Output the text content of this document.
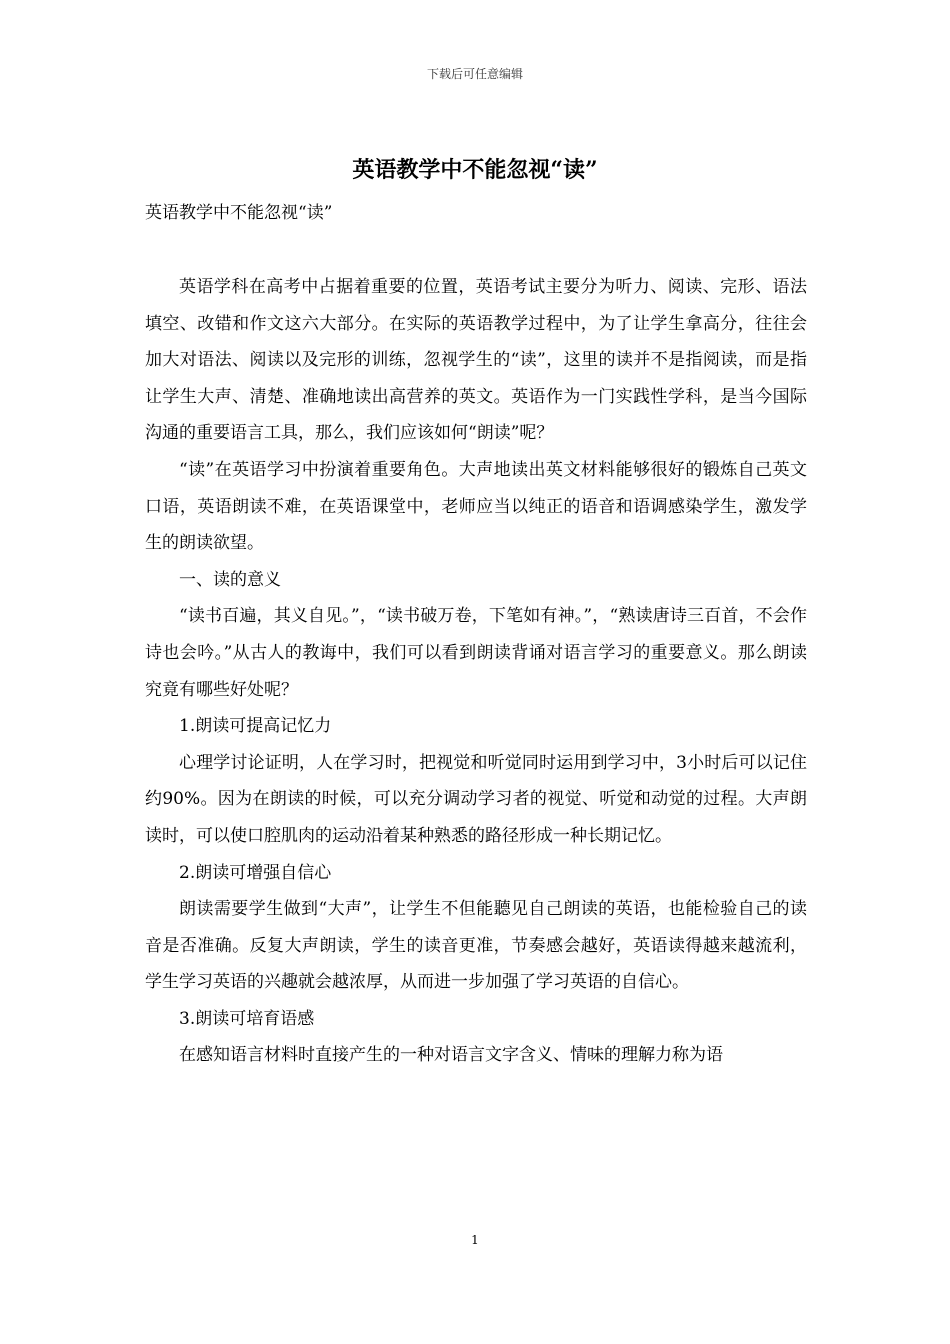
下载后可任意编辑
英语教学中不能忽视“读”
英语教学中不能忽视“读”

英语学科在高考中占据着重要的位置，英语考试主要分为听力、阅读、完形、语法填空、改错和作文这六大部分。在实际的英语教学过程中，为了让学生拿高分，往往会加大对语法、阅读以及完形的训练，忽视学生的“读”，这里的读并不是指阅读，而是指让学生大声、清楚、准确地读出高营养的英文。英语作为一门实践性学科，是当今国际沟通的重要语言工具，那么，我们应该如何“朗读”呢？

“读”在英语学习中扮演着重要角色。大声地读出英文材料能够很好的锻炼自己英文口语，英语朗读不难，在英语课堂中，老师应当以纯正的语音和语调感染学生，激发学生的朗读欲望。

一、读的意义

“读书百遍，其义自见。”，“读书破万卷，下笔如有神。”，“熟读唐诗三百首，不会作诗也会吟。”从古人的教诲中，我们可以看到朗读背诵对语言学习的重要意义。那么朗读究竟有哪些好处呢？

1.朗读可提高记忆力

心理学讨论证明，人在学习时，把视觉和听觉同时运用到学习中，3小时后可以记住约90%。因为在朗读的时候，可以充分调动学习者的视觉、听觉和动觉的过程。大声朗读时，可以使口腔肌肉的运动沿着某种熟悉的路径形成一种长期记忆。

2.朗读可增强自信心

朗读需要学生做到“大声”，让学生不但能聽见自己朗读的英语，也能检验自己的读音是否准确。反复大声朗读，学生的读音更准，节奏感会越好，英语读得越来越流利，学生学习英语的兴趣就会越浓厚，从而进一步加强了学习英语的自信心。

3.朗读可培育语感

在感知语言材料时直接产生的一种对语言文字含义、情味的理解力称为语

1
